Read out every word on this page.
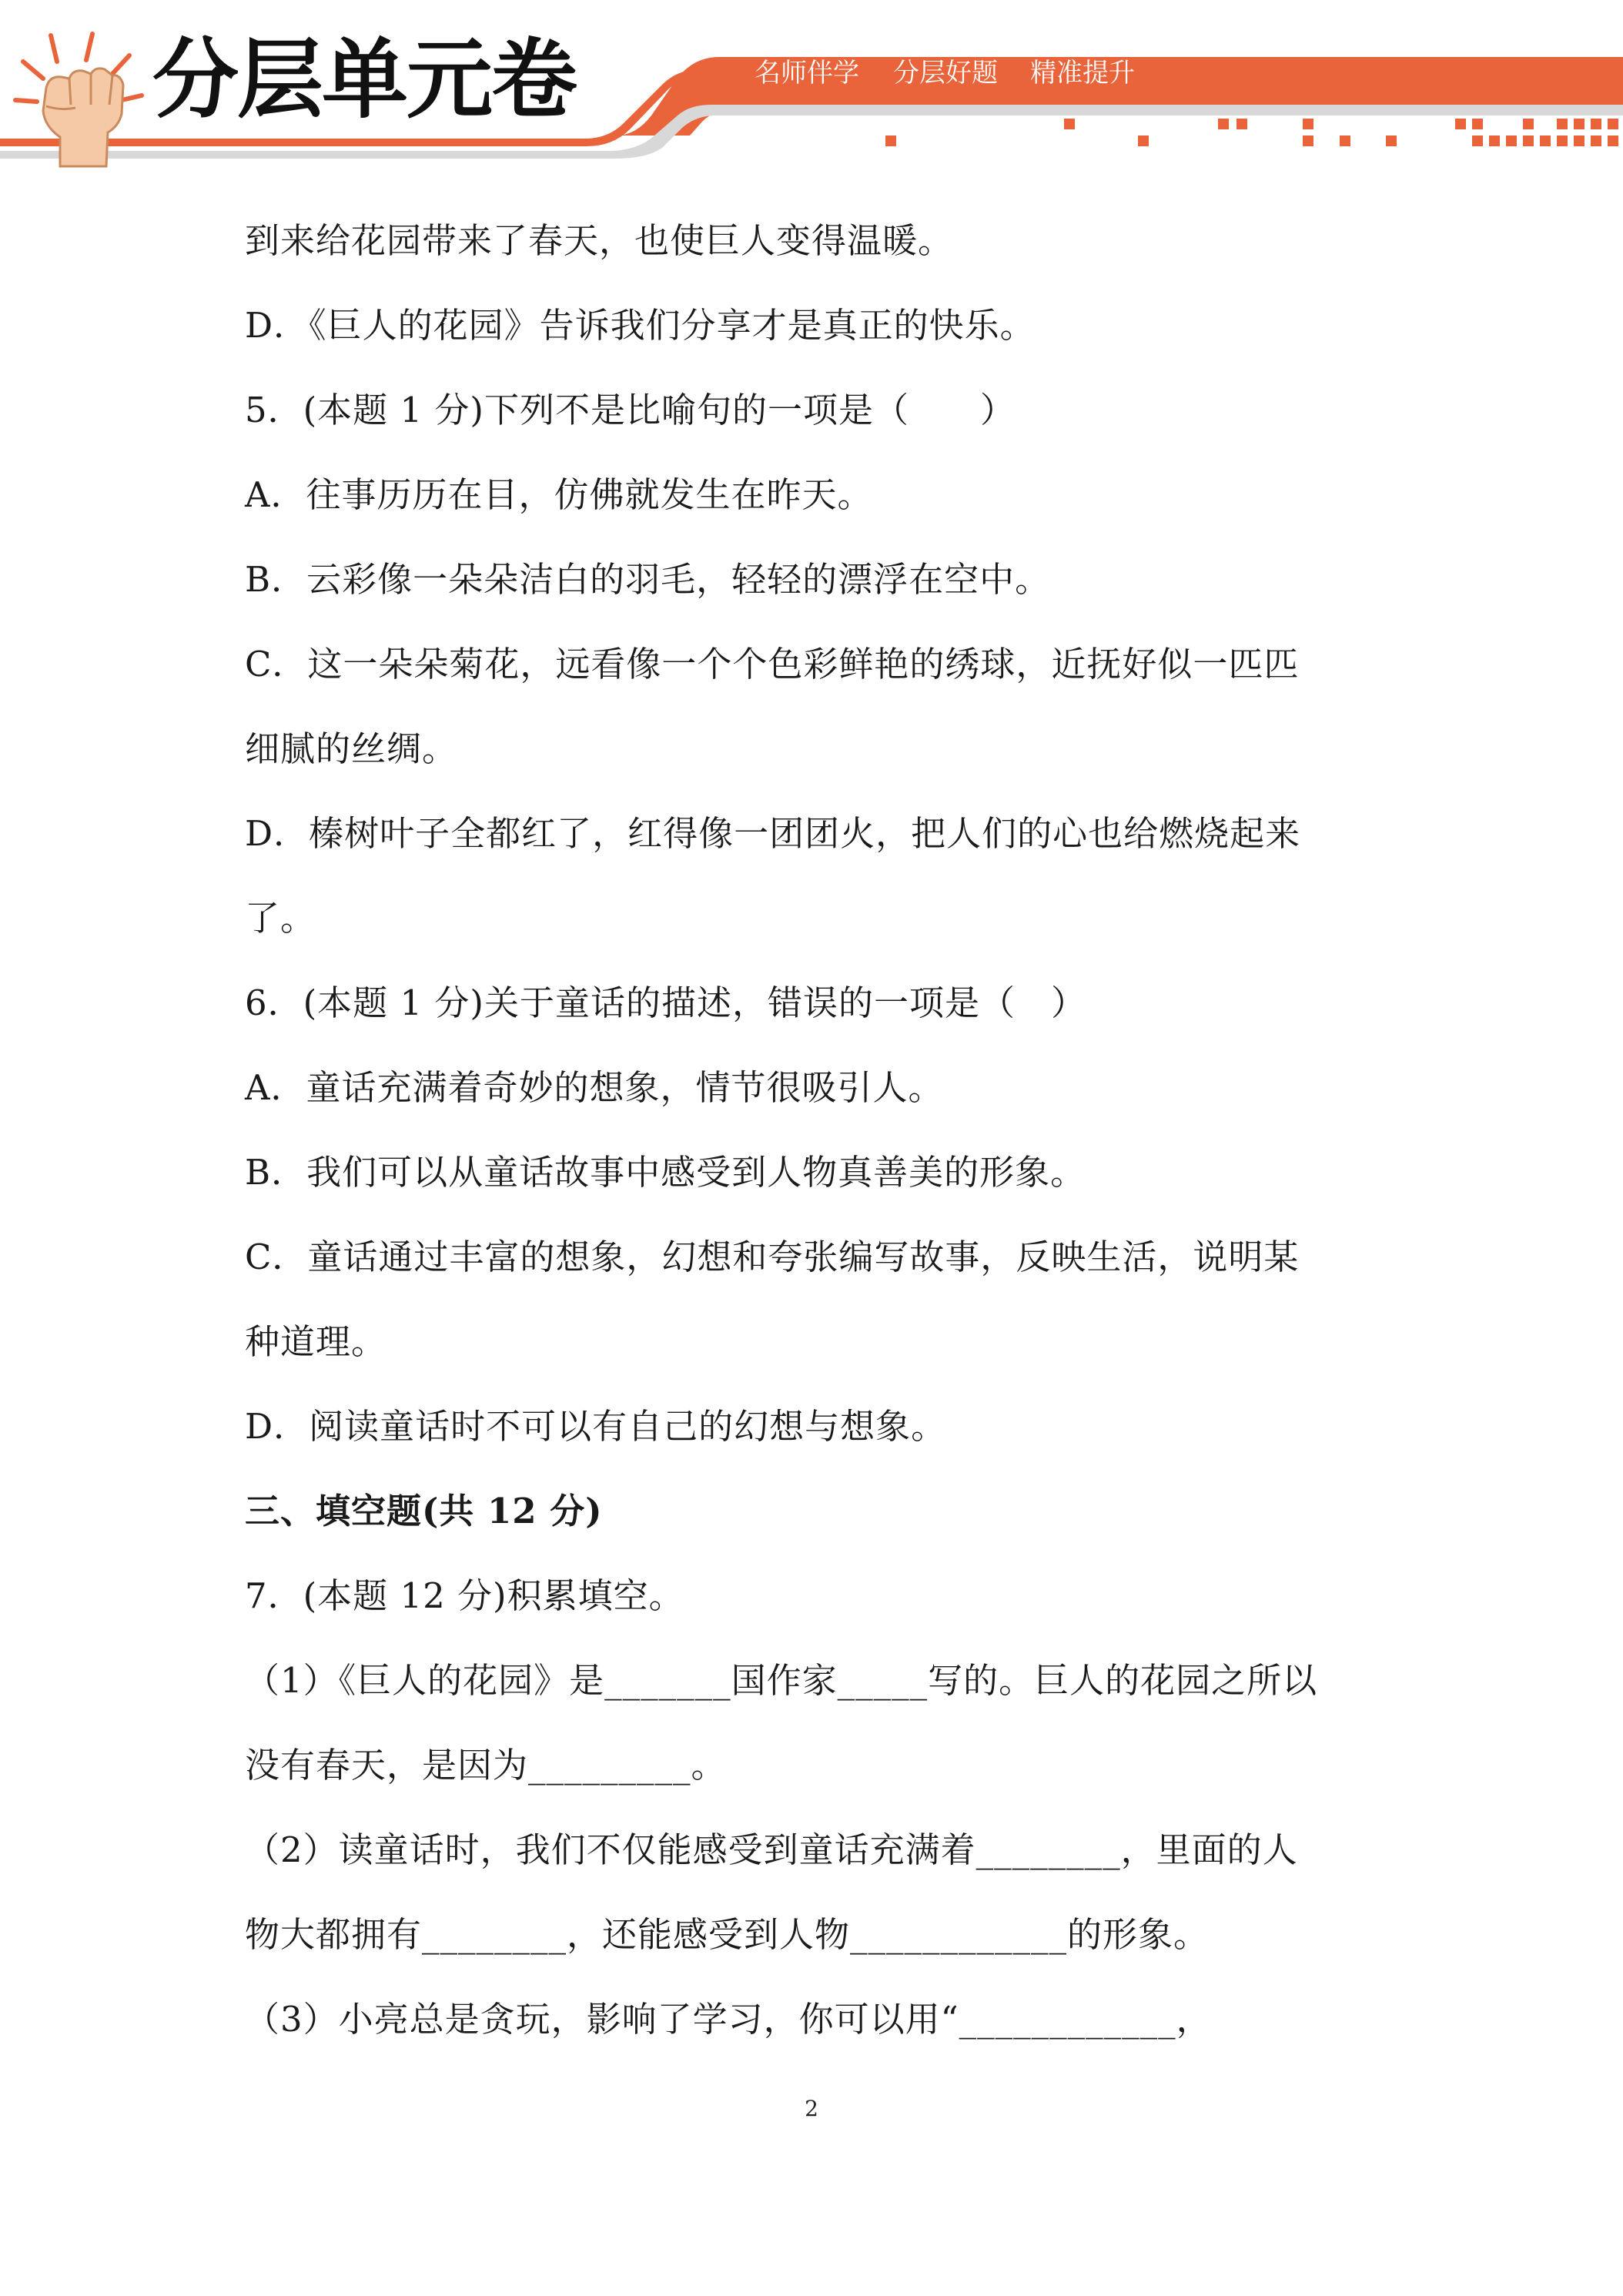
分层单元卷	名师伴学 分层好题 精准提升
到来给花园带来了春天，也使巨人变得温暖。
D．《巨人的花园》告诉我们分享才是真正的快乐。
5．(本题 1 分)下列不是比喻句的一项是（　　）
A．往事历历在目，仿佛就发生在昨天。
B．云彩像一朵朵洁白的羽毛，轻轻的漂浮在空中。
C．这一朵朵菊花，远看像一个个色彩鲜艳的绣球，近抚好似一匹匹
细腻的丝绸。
D．榛树叶子全都红了，红得像一团团火，把人们的心也给燃烧起来
了。
6．(本题 1 分)关于童话的描述，错误的一项是（　）
A．童话充满着奇妙的想象，情节很吸引人。
B．我们可以从童话故事中感受到人物真善美的形象。
C．童话通过丰富的想象，幻想和夸张编写故事，反映生活，说明某
种道理。
D．阅读童话时不可以有自己的幻想与想象。
三、填空题(共 12 分)
7．(本题 12 分)积累填空。
（1）《巨人的花园》是_______国作家_____写的。巨人的花园之所以
没有春天，是因为_________。
（2）读童话时，我们不仅能感受到童话充满着________，里面的人
物大都拥有________，还能感受到人物____________的形象。
（3）小亮总是贪玩，影响了学习，你可以用“____________，
2
